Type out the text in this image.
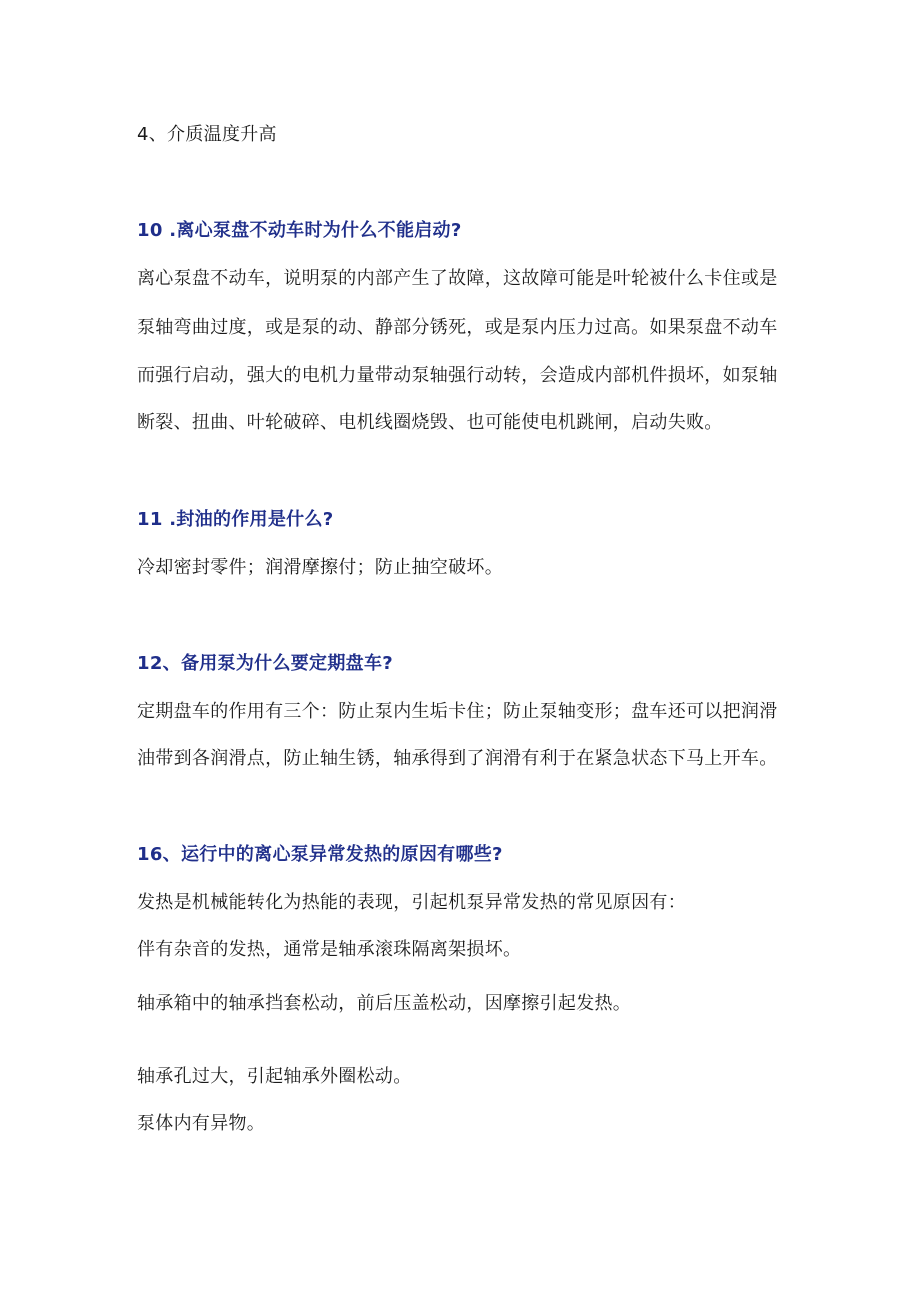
4、介质温度升高
10 .离心泵盘不动车时为什么不能启动?
离心泵盘不动车，说明泵的内部产生了故障，这故障可能是叶轮被什么卡住或是
泵轴弯曲过度，或是泵的动、静部分锈死，或是泵内压力过高。如果泵盘不动车
而强行启动，强大的电机力量带动泵轴强行动转，会造成内部机件损坏，如泵轴
断裂、扭曲、叶轮破碎、电机线圈烧毁、也可能使电机跳闸，启动失败。
11 .封油的作用是什么?
冷却密封零件；润滑摩擦付；防止抽空破坏。
12、备用泵为什么要定期盘车?
定期盘车的作用有三个：防止泵内生垢卡住；防止泵轴变形；盘车还可以把润滑
油带到各润滑点，防止轴生锈，轴承得到了润滑有利于在紧急状态下马上开车。
16、运行中的离心泵异常发热的原因有哪些?
发热是机械能转化为热能的表现，引起机泵异常发热的常见原因有：
伴有杂音的发热，通常是轴承滚珠隔离架损坏。
轴承箱中的轴承挡套松动，前后压盖松动，因摩擦引起发热。
轴承孔过大，引起轴承外圈松动。
泵体内有异物。
